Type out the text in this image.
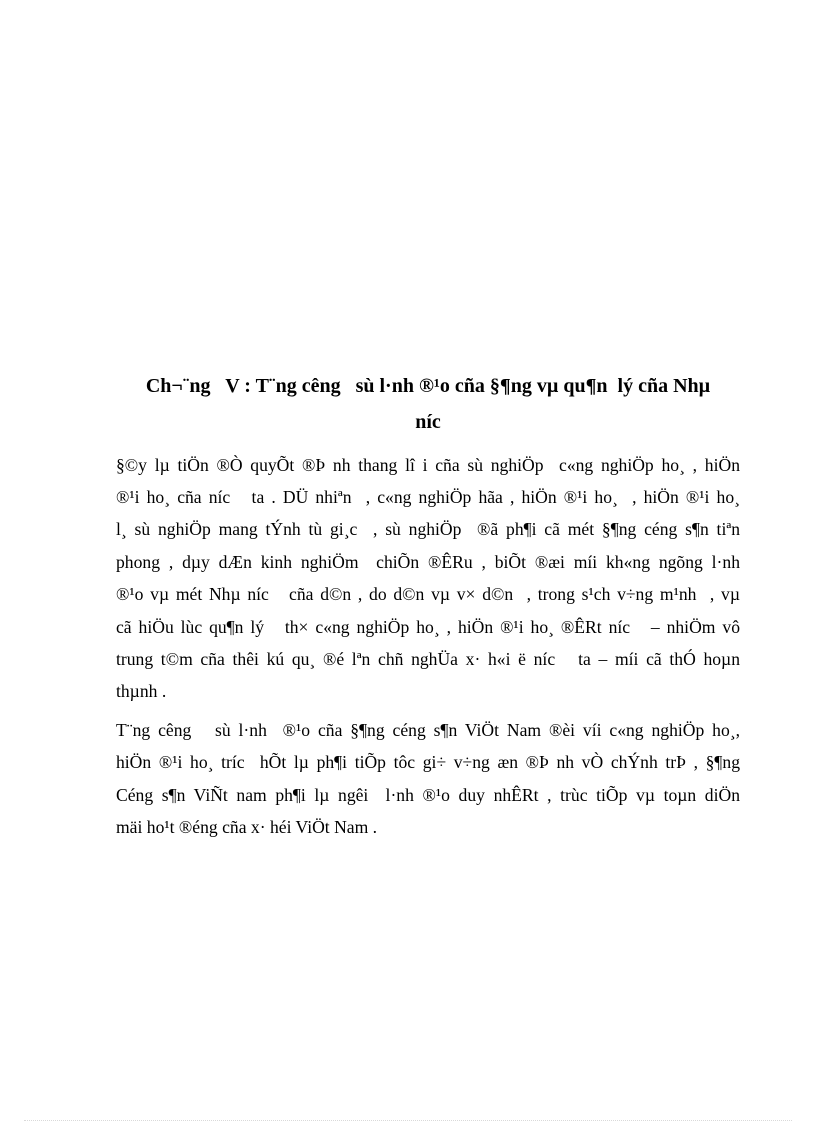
Ch¬¨ng   V : T¨ng cêng   sù l·nh ®¹o cña §¶ng vµ qu¶n  lý cña Nhµ
níc
§©y lµ tiÖn ®Ò quyÕt ®Þ nh thang lî i cña sù nghiÖp  c«ng nghiÖp ho¸ , hiÖn
®¹i ho¸ cña níc   ta . DÜ nhiªn  , c«ng nghiÖp hãa , hiÖn ®¹i ho¸  , hiÖn ®¹i ho¸
l¸ sù nghiÖp mang tÝnh tù gi¸c  , sù nghiÖp  ®ã ph¶i cã mét §¶ng céng s¶n tiªn
phong , dµy dÆn kinh nghiÖm  chiÕn ®ÊRu , biÕt ®æi míi kh«ng ngõng l·nh
®¹o vµ mét Nhµ níc   cña d©n , do d©n vµ v× d©n  , trong s¹ch v÷ng m¹nh  , vµ
cã hiÖu lùc qu¶n lý   th× c«ng nghiÖp ho¸ , hiÖn ®¹i ho¸ ®ÊRt níc   – nhiÖm vô
trung t©m cña thêi kú qu¸ ®é lªn chñ nghÜa x· h«i ë níc   ta – míi cã thÓ hoµn
thµnh .
T¨ng cêng   sù l·nh  ®¹o cña §¶ng céng s¶n ViÖt Nam ®èi víi c«ng nghiÖp ho¸,
hiÖn ®¹i ho¸ tríc  hÕt lµ ph¶i tiÕp tôc gi÷ v÷ng æn ®Þ nh vÒ chÝnh trÞ , §¶ng
Céng s¶n ViÑt nam ph¶i lµ ngêi  l·nh ®¹o duy nhÊRt , trùc tiÕp vµ toµn diÖn
mäi ho¹t ®éng cña x· héi ViÖt Nam .
